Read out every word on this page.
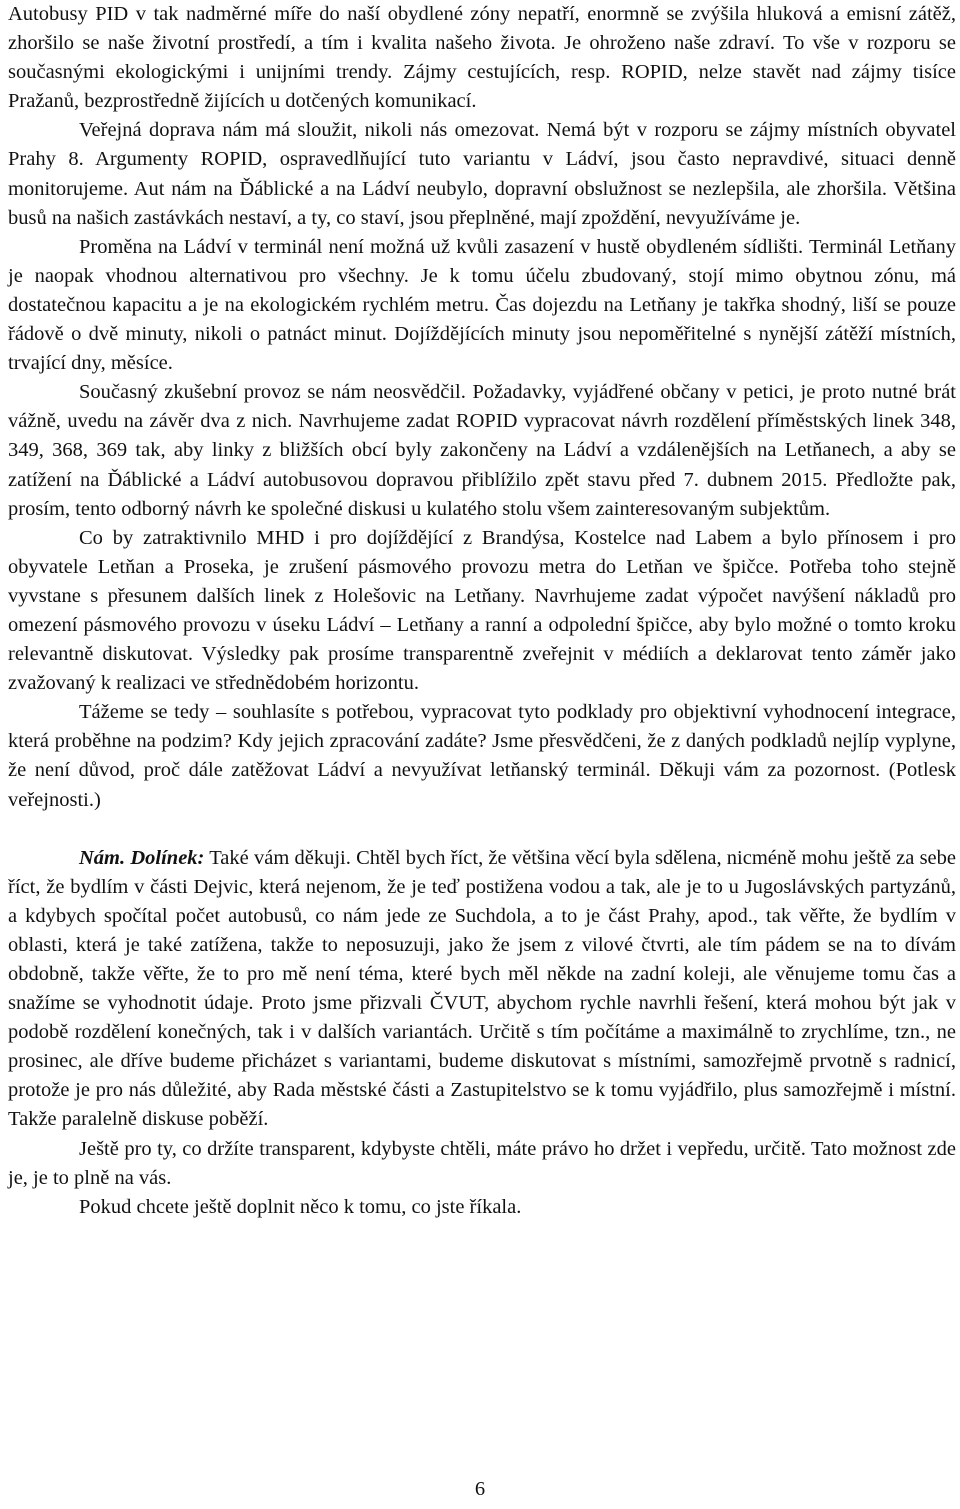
Autobusy PID v tak nadměrné míře do naší obydlené zóny nepatří, enormně se zvýšila hluková a emisní zátěž, zhoršilo se naše životní prostředí, a tím i kvalita našeho života. Je ohroženo naše zdraví. To vše v rozporu se současnými ekologickými i unijními trendy. Zájmy cestujících, resp. ROPID, nelze stavět nad zájmy tisíce Pražanů, bezprostředně žijících u dotčených komunikací.

Veřejná doprava nám má sloužit, nikoli nás omezovat. Nemá být v rozporu se zájmy místních obyvatel Prahy 8. Argumenty ROPID, ospravedlňující tuto variantu v Ládví, jsou často nepravdivé, situaci denně monitorujeme. Aut nám na Ďáblické a na Ládví neubylo, dopravní obslužnost se nezlepšila, ale zhoršila. Většina busů na našich zastávkách nestaví, a ty, co staví, jsou přeplněné, mají zpoždění, nevyužíváme je.

Proměna na Ládví v terminál není možná už kvůli zasazení v hustě obydleném sídlišti. Terminál Letňany je naopak vhodnou alternativou pro všechny. Je k tomu účelu zbudovaný, stojí mimo obytnou zónu, má dostatečnou kapacitu a je na ekologickém rychlém metru. Čas dojezdu na Letňany je takřka shodný, liší se pouze řádově o dvě minuty, nikoli o patnáct minut. Dojíždějících minuty jsou nepoměřitelné s nynější zátěží místních, trvající dny, měsíce.

Současný zkušební provoz se nám neosvědčil. Požadavky, vyjádřené občany v petici, je proto nutné brát vážně, uvedu na závěr dva z nich. Navrhujeme zadat ROPID vypracovat návrh rozdělení příměstských linek 348, 349, 368, 369 tak, aby linky z bližších obcí byly zakončeny na Ládví a vzdálenějších na Letňanech, a aby se zatížení na Ďáblické a Ládví autobusovou dopravou přiblížilo zpět stavu před 7. dubnem 2015. Předložte pak, prosím, tento odborný návrh ke společné diskusi u kulatého stolu všem zainteresovaným subjektům.

Co by zatraktivnilo MHD i pro dojíždějící z Brandýsa, Kostelce nad Labem a bylo přínosem i pro obyvatele Letňan a Proseka, je zrušení pásmového provozu metra do Letňan ve špičce. Potřeba toho stejně vyvstane s přesunem dalších linek z Holešovic na Letňany. Navrhujeme zadat výpočet navýšení nákladů pro omezení pásmového provozu v úseku Ládví – Letňany a ranní a odpolední špičce, aby bylo možné o tomto kroku relevantně diskutovat. Výsledky pak prosíme transparentně zveřejnit v médiích a deklarovat tento záměr jako zvažovaný k realizaci ve střednědobém horizontu.

Tážeme se tedy – souhlasíte s potřebou, vypracovat tyto podklady pro objektivní vyhodnocení integrace, která proběhne na podzim? Kdy jejich zpracování zadáte? Jsme přesvědčeni, že z daných podkladů nejlíp vyplyne, že není důvod, proč dále zatěžovat Ládví a nevyužívat letňanský terminál. Děkuji vám za pozornost. (Potlesk veřejnosti.)

Nám. Dolínek: Také vám děkuji. Chtěl bych říct, že většina věcí byla sdělena, nicméně mohu ještě za sebe říct, že bydlím v části Dejvic, která nejenom, že je teď postižena vodou a tak, ale je to u Jugoslávských partyzánů, a kdybych spočítal počet autobusů, co nám jede ze Suchdola, a to je část Prahy, apod., tak věřte, že bydlím v oblasti, která je také zatížena, takže to neposuzuji, jako že jsem z vilové čtvrti, ale tím pádem se na to dívám obdobně, takže věřte, že to pro mě není téma, které bych měl někde na zadní koleji, ale věnujeme tomu čas a snažíme se vyhodnotit údaje. Proto jsme přizvali ČVUT, abychom rychle navrhli řešení, která mohou být jak v podobě rozdělení konečných, tak i v dalších variantách. Určitě s tím počítáme a maximálně to zrychlíme, tzn., ne prosinec, ale dříve budeme přicházet s variantami, budeme diskutovat s místními, samozřejmě prvotně s radnicí, protože je pro nás důležité, aby Rada městské části a Zastupitelstvo se k tomu vyjádřilo, plus samozřejmě i místní. Takže paralelně diskuse poběží.

Ještě pro ty, co držíte transparent, kdybyste chtěli, máte právo ho držet i vepředu, určitě. Tato možnost zde je, je to plně na vás.

Pokud chcete ještě doplnit něco k tomu, co jste říkala.

6
